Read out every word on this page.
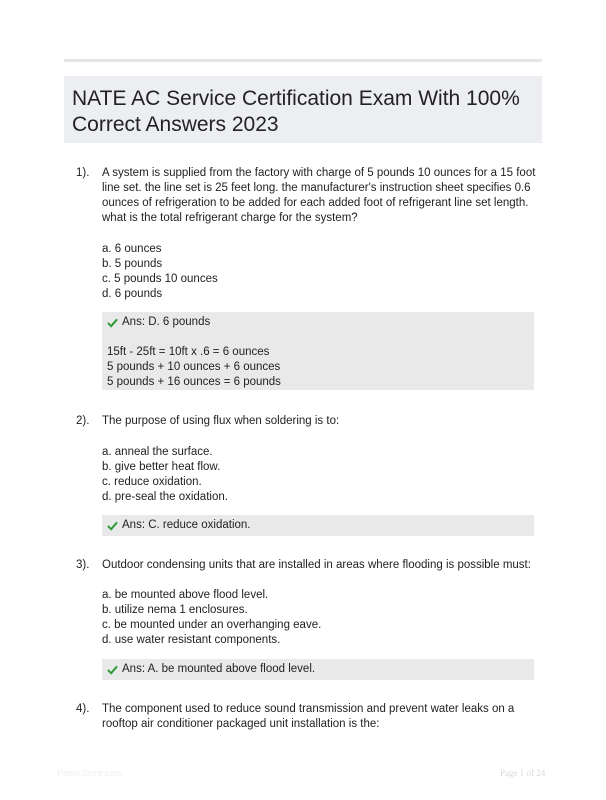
NATE AC Service Certification Exam With 100% Correct Answers 2023
1). A system is supplied from the factory with charge of 5 pounds 10 ounces for a 15 foot line set. the line set is 25 feet long. the manufacturer's instruction sheet specifies 0.6 ounces of refrigeration to be added for each added foot of refrigerant line set length. what is the total refrigerant charge for the system?
a. 6 ounces
b. 5 pounds
c. 5 pounds 10 ounces
d. 6 pounds
Ans: D. 6 pounds
15ft - 25ft = 10ft x .6 = 6 ounces
5 pounds + 10 ounces + 6 ounces
5 pounds + 16 ounces = 6 pounds
2). The purpose of using flux when soldering is to:
a. anneal the surface.
b. give better heat flow.
c. reduce oxidation.
d. pre-seal the oxidation.
Ans: C. reduce oxidation.
3). Outdoor condensing units that are installed in areas where flooding is possible must:
a. be mounted above flood level.
b. utilize nema 1 enclosures.
c. be mounted under an overhanging eave.
d. use water resistant components.
Ans: A. be mounted above flood level.
4). The component used to reduce sound transmission and prevent water leaks on a rooftop air conditioner packaged unit installation is the:
PaperStore.com	Page 1 of 24
